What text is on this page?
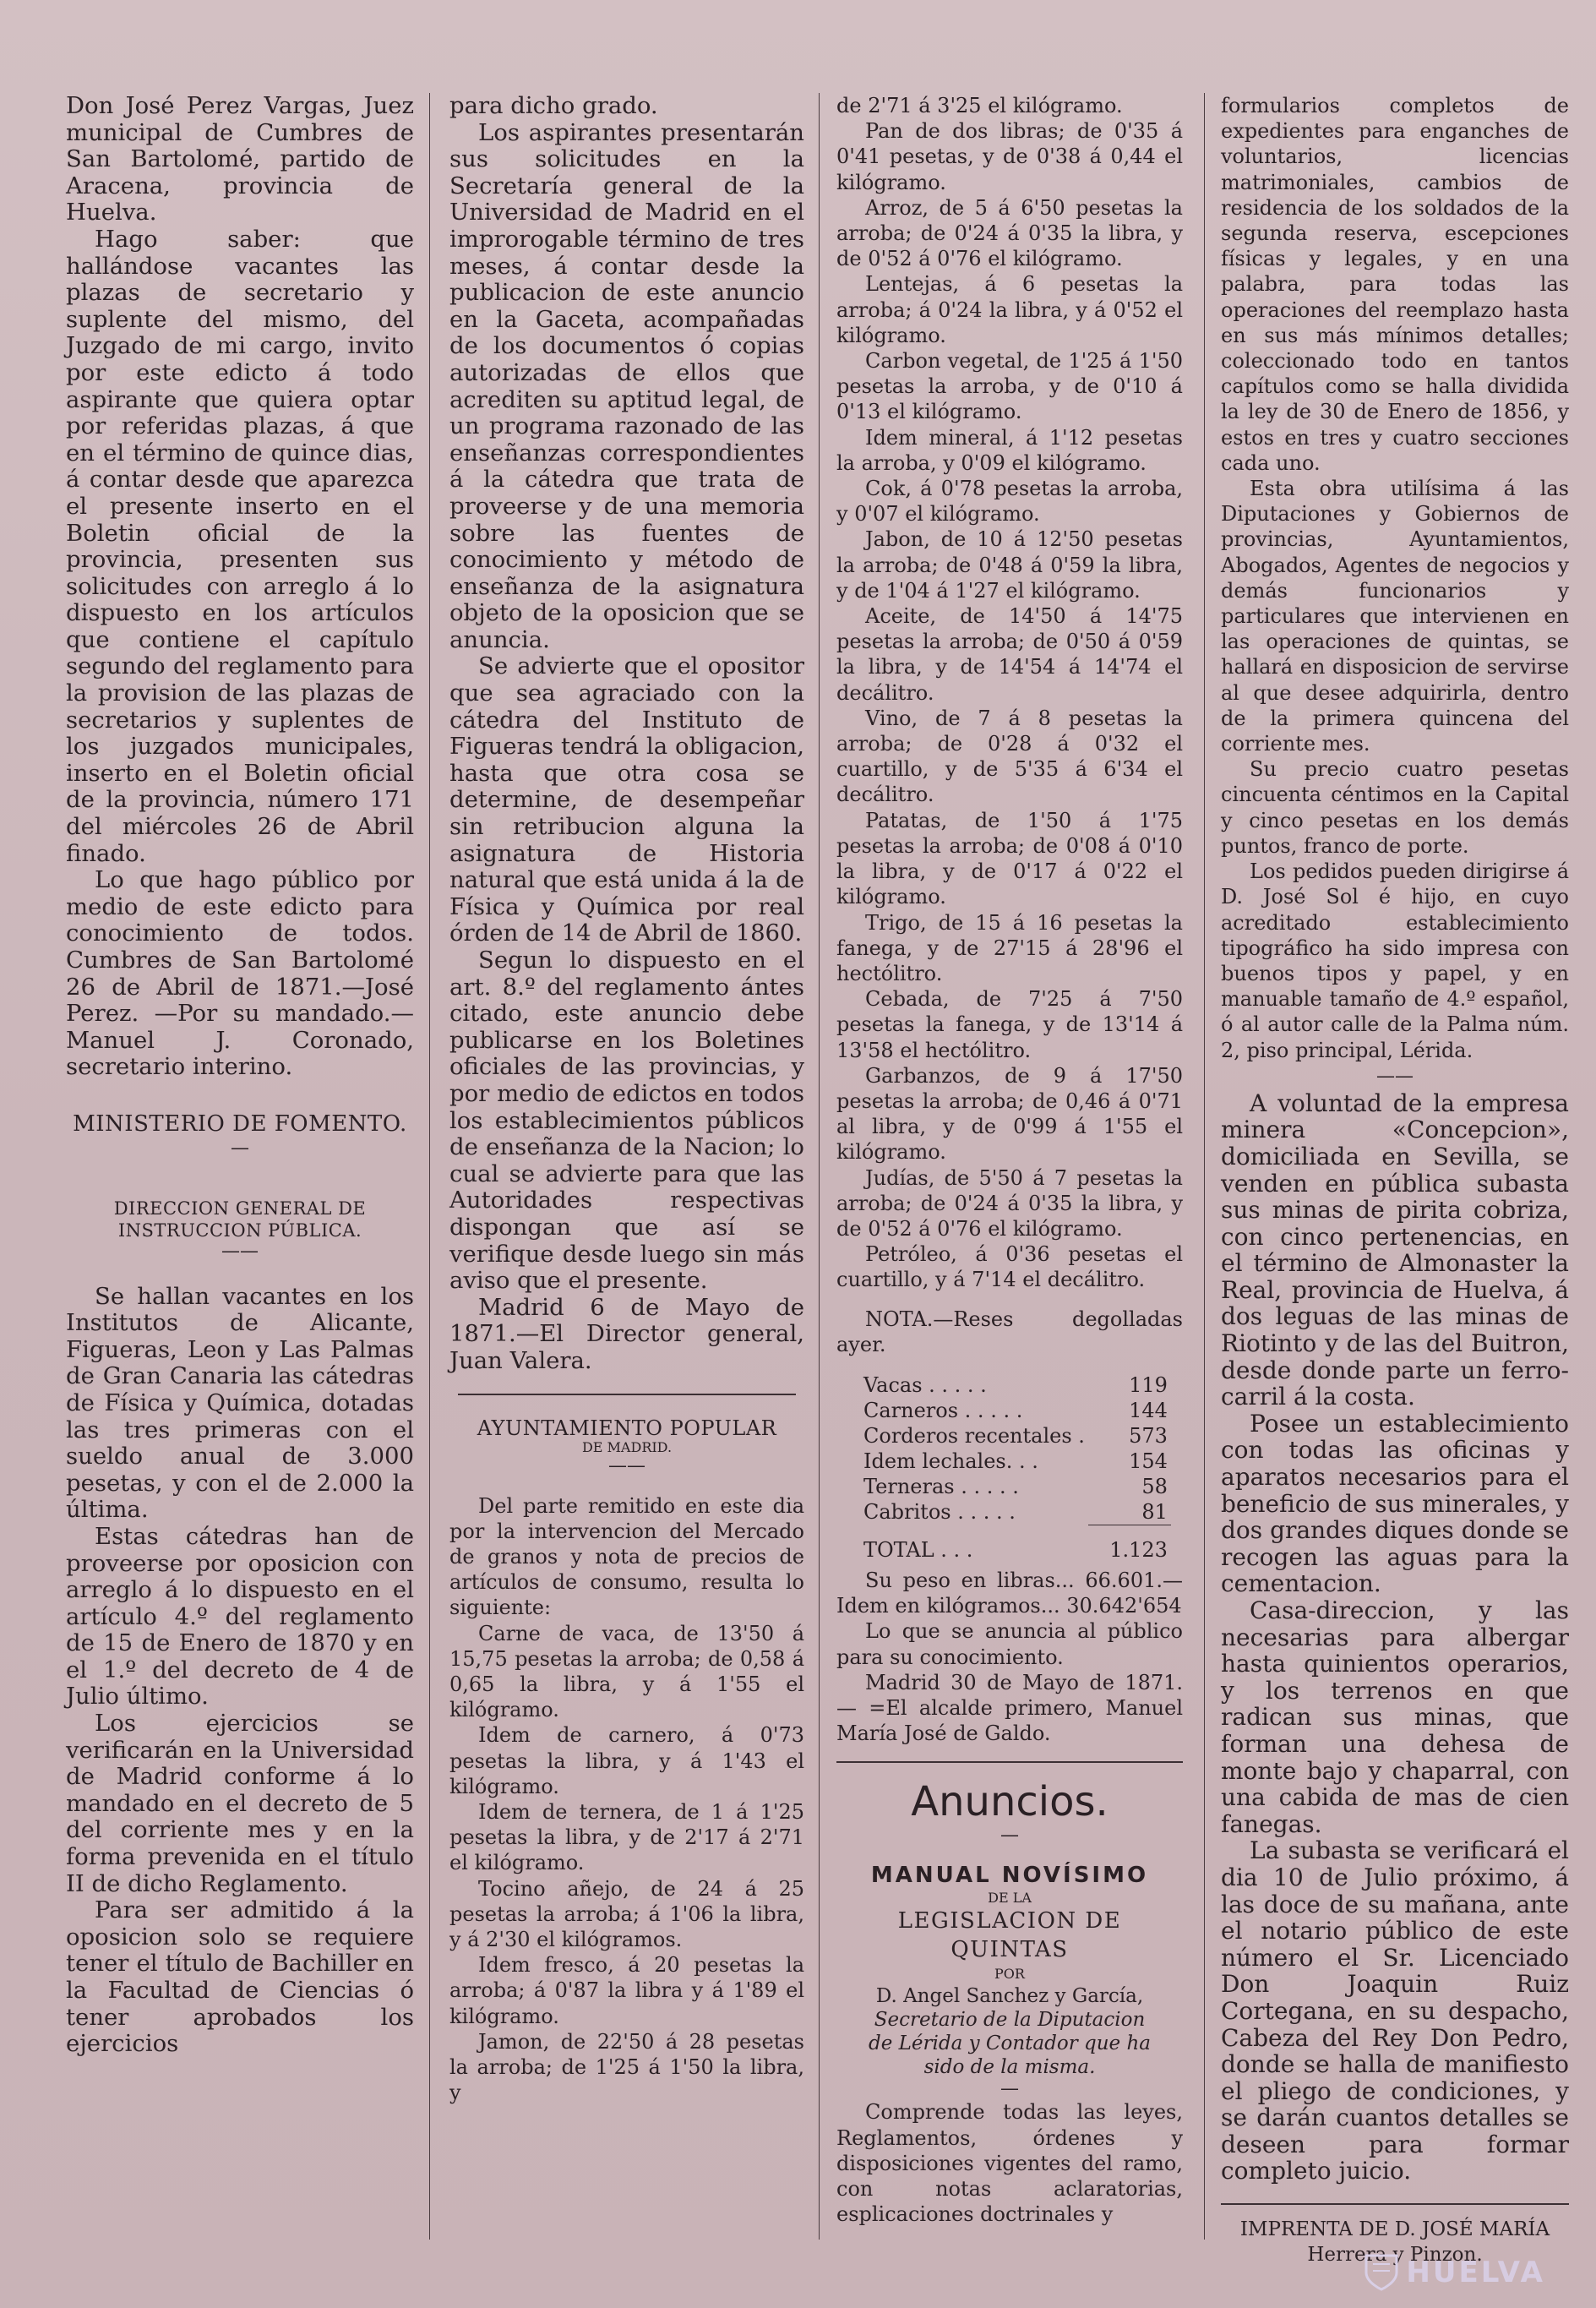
Don José Perez Vargas, Juez municipal de Cumbres de San Bartolomé, partido de Aracena, provincia de Huelva.

Hago saber: que hallándose vacantes las plazas de secretario y suplente del mismo, del Juzgado de mi cargo, invito por este edicto á todo aspirante que quiera optar por referidas plazas, á que en el término de quince dias, á contar desde que aparezca el presente inserto en el Boletin oficial de la provincia, presenten sus solicitudes con arreglo á lo dispuesto en los artículos que contiene el capítulo segundo del reglamento para la provision de las plazas de secretarios y suplentes de los juzgados municipales, inserto en el Boletin oficial de la provincia, número 171 del miércoles 26 de Abril finado.

Lo que hago público por medio de este edicto para conocimiento de todos. Cumbres de San Bartolomé 26 de Abril de 1871.—José Perez. —Por su mandado.—Manuel J. Coronado, secretario interino.

MINISTERIO DE FOMENTO.

—

DIRECCION GENERAL DE INSTRUCCION PÚBLICA.

——

Se hallan vacantes en los Institutos de Alicante, Figueras, Leon y Las Palmas de Gran Canaria las cátedras de Física y Química, dotadas las tres primeras con el sueldo anual de 3.000 pesetas, y con el de 2.000 la última.

Estas cátedras han de proveerse por oposicion con arreglo á lo dispuesto en el artículo 4.º del reglamento de 15 de Enero de 1870 y en el 1.º del decreto de 4 de Julio último.

Los ejercicios se verificarán en la Universidad de Madrid conforme á lo mandado en el decreto de 5 del corriente mes y en la forma prevenida en el título II de dicho Reglamento.

Para ser admitido á la oposicion solo se requiere tener el título de Bachiller en la Facultad de Ciencias ó tener aprobados los ejercicios

para dicho grado.

Los aspirantes presentarán sus solicitudes en la Secretaría general de la Universidad de Madrid en el improrogable término de tres meses, á contar desde la publicacion de este anuncio en la Gaceta, acompañadas de los documentos ó copias autorizadas de ellos que acrediten su aptitud legal, de un programa razonado de las enseñanzas correspondientes á la cátedra que trata de proveerse y de una memoria sobre las fuentes de conocimiento y método de enseñanza de la asignatura objeto de la oposicion que se anuncia.

Se advierte que el opositor que sea agraciado con la cátedra del Instituto de Figueras tendrá la obligacion, hasta que otra cosa se determine, de desempeñar sin retribucion alguna la asignatura de Historia natural que está unida á la de Física y Química por real órden de 14 de Abril de 1860.

Segun lo dispuesto en el art. 8.º del reglamento ántes citado, este anuncio debe publicarse en los Boletines oficiales de las provincias, y por medio de edictos en todos los establecimientos públicos de enseñanza de la Nacion; lo cual se advierte para que las Autoridades respectivas dispongan que así se verifique desde luego sin más aviso que el presente.

Madrid 6 de Mayo de 1871.—El Director general, Juan Valera.

AYUNTAMIENTO POPULAR

DE MADRID.

——

Del parte remitido en este dia por la intervencion del Mercado de granos y nota de precios de artículos de consumo, resulta lo siguiente:

Carne de vaca, de 13'50 á 15,75 pesetas la arroba; de 0,58 á 0,65 la libra, y á 1'55 el kilógramo.

Idem de carnero, á 0'73 pesetas la libra, y á 1'43 el kilógramo.

Idem de ternera, de 1 á 1'25 pesetas la libra, y de 2'17 á 2'71 el kilógramo.

Tocino añejo, de 24 á 25 pesetas la arroba; á 1'06 la libra, y á 2'30 el kilógramos.

Idem fresco, á 20 pesetas la arroba; á 0'87 la libra y á 1'89 el kilógramo.

Jamon, de 22'50 á 28 pesetas la arroba; de 1'25 á 1'50 la libra, y

de 2'71 á 3'25 el kilógramo.

Pan de dos libras; de 0'35 á 0'41 pesetas, y de 0'38 á 0,44 el kilógramo.

Arroz, de 5 á 6'50 pesetas la arroba; de 0'24 á 0'35 la libra, y de 0'52 á 0'76 el kilógramo.

Lentejas, á 6 pesetas la arroba; á 0'24 la libra, y á 0'52 el kilógramo.

Carbon vegetal, de 1'25 á 1'50 pesetas la arroba, y de 0'10 á 0'13 el kilógramo.

Idem mineral, á 1'12 pesetas la arroba, y 0'09 el kilógramo.

Cok, á 0'78 pesetas la arroba, y 0'07 el kilógramo.

Jabon, de 10 á 12'50 pesetas la arroba; de 0'48 á 0'59 la libra, y de 1'04 á 1'27 el kilógramo.

Aceite, de 14'50 á 14'75 pesetas la arroba; de 0'50 á 0'59 la libra, y de 14'54 á 14'74 el decálitro.

Vino, de 7 á 8 pesetas la arroba; de 0'28 á 0'32 el cuartillo, y de 5'35 á 6'34 el decálitro.

Patatas, de 1'50 á 1'75 pesetas la arroba; de 0'08 á 0'10 la libra, y de 0'17 á 0'22 el kilógramo.

Trigo, de 15 á 16 pesetas la fanega, y de 27'15 á 28'96 el hectólitro.

Cebada, de 7'25 á 7'50 pesetas la fanega, y de 13'14 á 13'58 el hectólitro.

Garbanzos, de 9 á 17'50 pesetas la arroba; de 0,46 á 0'71 al libra, y de 0'99 á 1'55 el kilógramo.

Judías, de 5'50 á 7 pesetas la arroba; de 0'24 á 0'35 la libra, y de 0'52 á 0'76 el kilógramo.

Petróleo, á 0'36 pesetas el cuartillo, y á 7'14 el decálitro.

NOTA.—Reses degolladas ayer.

Vacas . . . . .	119
Carneros . . . . .	144
Corderos recentales .	573
Idem lechales. . .	154
Terneras . . . . .	58
Cabritos . . . . .	81
TOTAL . . .	1.123

Su peso en libras... 66.601.— Idem en kilógramos... 30.642'654

Lo que se anuncia al público para su conocimiento.

Madrid 30 de Mayo de 1871.— =El alcalde primero, Manuel María José de Galdo.

Anuncios.

—

MANUAL NOVÍSIMO

DE LA

LEGISLACION DE QUINTAS

POR

D. Angel Sanchez y García,

Secretario de la Diputacion de Lérida y Contador que ha sido de la misma.

—

Comprende todas las leyes, Reglamentos, órdenes y disposiciones vigentes del ramo, con notas aclaratorias, esplicaciones doctrinales y

formularios completos de expedientes para enganches de voluntarios, licencias matrimoniales, cambios de residencia de los soldados de la segunda reserva, escepciones físicas y legales, y en una palabra, para todas las operaciones del reemplazo hasta en sus más mínimos detalles; coleccionado todo en tantos capítulos como se halla dividida la ley de 30 de Enero de 1856, y estos en tres y cuatro secciones cada uno.

Esta obra utilísima á las Diputaciones y Gobiernos de provincias, Ayuntamientos, Abogados, Agentes de negocios y demás funcionarios y particulares que intervienen en las operaciones de quintas, se hallará en disposicion de servirse al que desee adquirirla, dentro de la primera quincena del corriente mes.

Su precio cuatro pesetas cincuenta céntimos en la Capital y cinco pesetas en los demás puntos, franco de porte.

Los pedidos pueden dirigirse á D. José Sol é hijo, en cuyo acreditado establecimiento tipográfico ha sido impresa con buenos tipos y papel, y en manuable tamaño de 4.º español, ó al autor calle de la Palma núm. 2, piso principal, Lérida.

——

A voluntad de la empresa minera «Concepcion», domiciliada en Sevilla, se venden en pública subasta sus minas de pirita cobriza, con cinco pertenencias, en el término de Almonaster la Real, provincia de Huelva, á dos leguas de las minas de Riotinto y de las del Buitron, desde donde parte un ferro-carril á la costa.

Posee un establecimiento con todas las oficinas y aparatos necesarios para el beneficio de sus minerales, y dos grandes diques donde se recogen las aguas para la cementacion.

Casa-direccion, y las necesarias para albergar hasta quinientos operarios, y los terrenos en que radican sus minas, que forman una dehesa de monte bajo y chaparral, con una cabida de mas de cien fanegas.

La subasta se verificará el dia 10 de Julio próximo, á las doce de su mañana, ante el notario público de este número el Sr. Licenciado Don Joaquin Ruiz Cortegana, en su despacho, Cabeza del Rey Don Pedro, donde se halla de manifiesto el pliego de condiciones, y se darán cuantos detalles se deseen para formar completo juicio.

IMPRENTA DE D. JOSÉ MARÍA Herrera y Pinzon.

HUELVA
